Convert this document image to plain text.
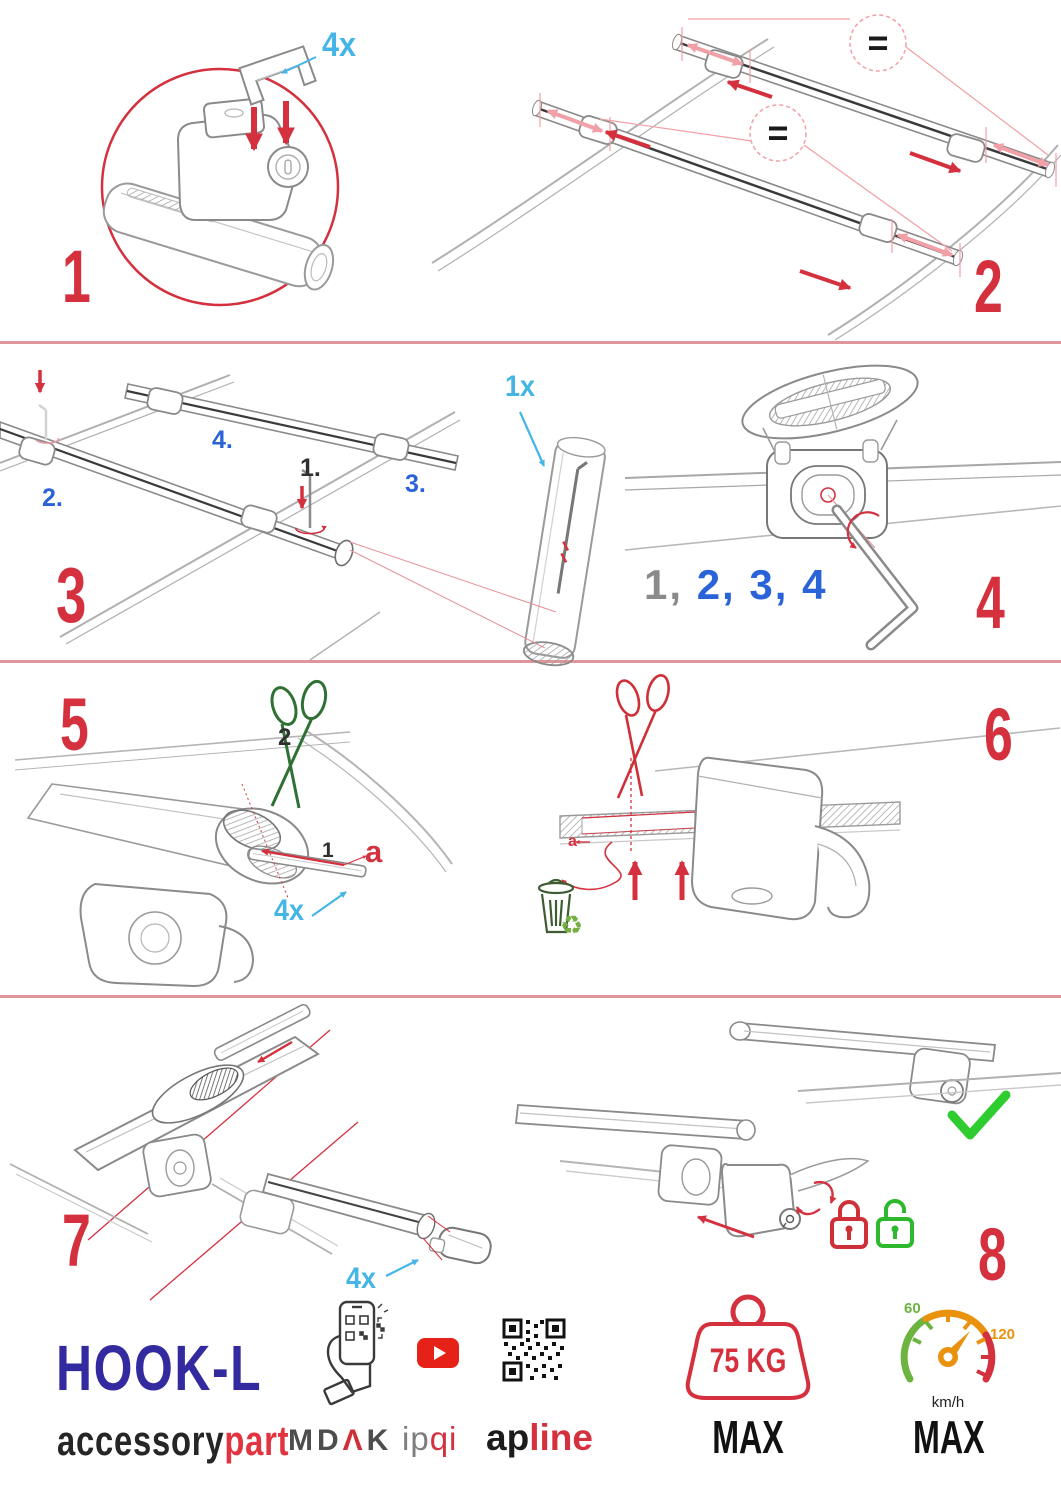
4x
1
=
=
2
4.
2.
1.
3.
1x
3	1, 2, 3, 4 4
2
1 a
4x
5
♻
a
6
4x
7	8
HOOK-L
accessorypart
MDΛK ipqi apline
75 KG
MAX
60
120
km/h
MAX
